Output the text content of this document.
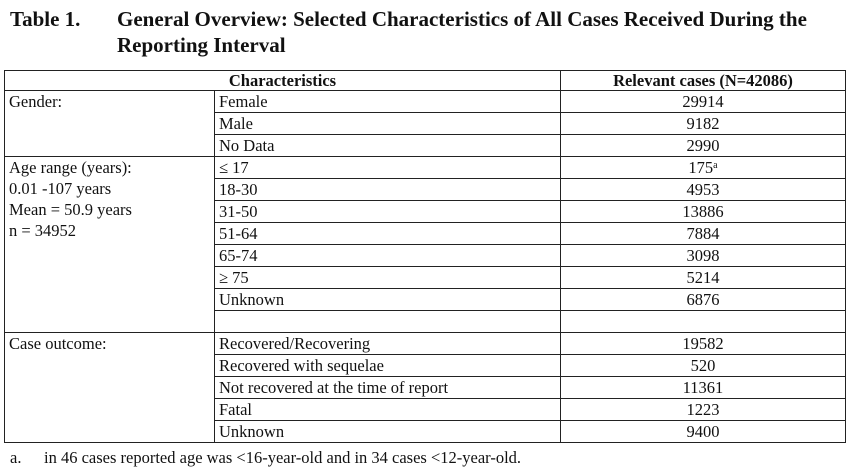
Table 1.	General Overview: Selected Characteristics of All Cases Received During the Reporting Interval
Characteristics		Relevant cases (N=42086)
Gender:	Female	29914
	Male	9182
	No Data	2990

Age range (years):
0.01 -107 years
Mean = 50.9 years
n = 34952	≤ 17	175$^a$
	18-30	4953
	31-50	13886
	51-64	7884
	65-74	3098
	≥ 75	5214
	Unknown	6876

Case outcome:	Recovered/Recovering	19582
	Recovered with sequelae	520
	Not recovered at the time of report	11361
	Fatal	1223
	Unknown	9400
a. in 46 cases reported age was <16-year-old and in 34 cases <12-year-old.
